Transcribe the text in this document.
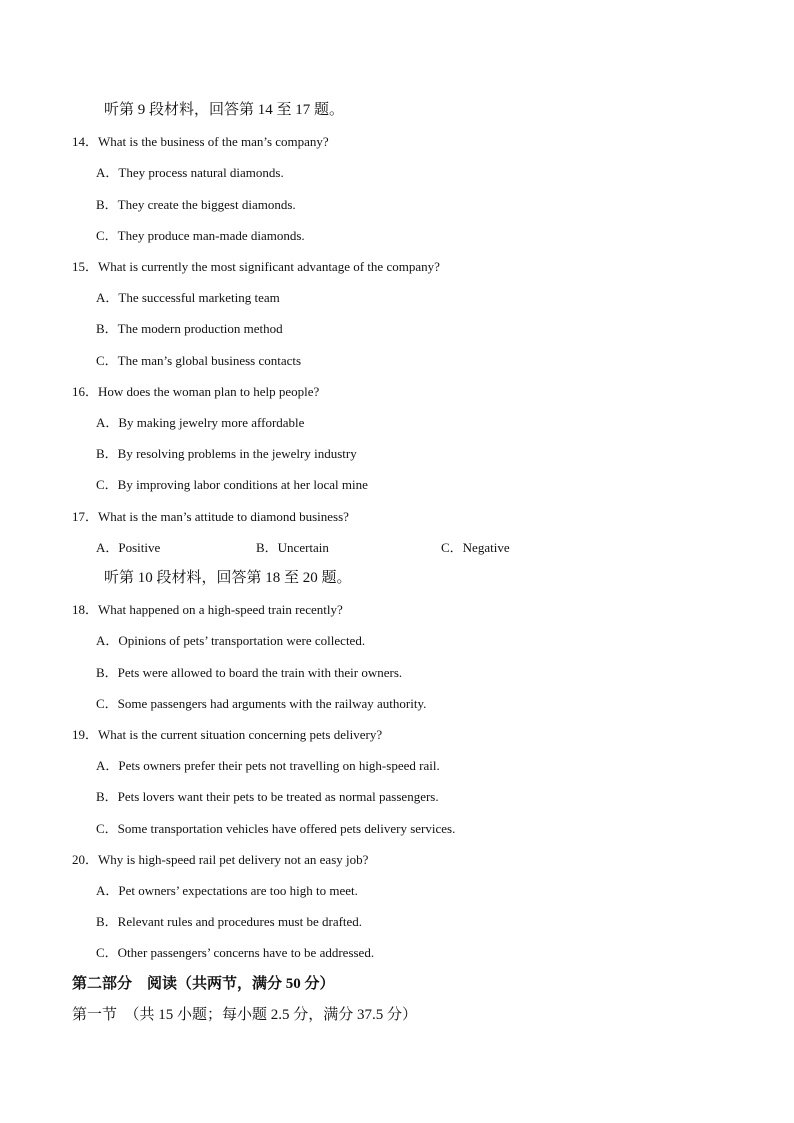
听第 9 段材料，回答第 14 至 17 题。
14．What is the business of the man’s company?
A．They process natural diamonds.
B．They create the biggest diamonds.
C．They produce man-made diamonds.
15．What is currently the most significant advantage of the company?
A．The successful marketing team
B．The modern production method
C．The man’s global business contacts
16．How does the woman plan to help people?
A．By making jewelry more affordable
B．By resolving problems in the jewelry industry
C．By improving labor conditions at her local mine
17．What is the man’s attitude to diamond business?
A．Positive	B．Uncertain	C．Negative
听第 10 段材料，回答第 18 至 20 题。
18．What happened on a high-speed train recently?
A．Opinions of pets’ transportation were collected.
B．Pets were allowed to board the train with their owners.
C．Some passengers had arguments with the railway authority.
19．What is the current situation concerning pets delivery?
A．Pets owners prefer their pets not travelling on high-speed rail.
B．Pets lovers want their pets to be treated as normal passengers.
C．Some transportation vehicles have offered pets delivery services.
20．Why is high-speed rail pet delivery not an easy job?
A．Pet owners’ expectations are too high to meet.
B．Relevant rules and procedures must be drafted.
C．Other passengers’ concerns have to be addressed.
第二部分　阅读（共两节，满分 50 分）
第一节　（共 15 小题；每小题 2.5 分，满分 37.5 分）
